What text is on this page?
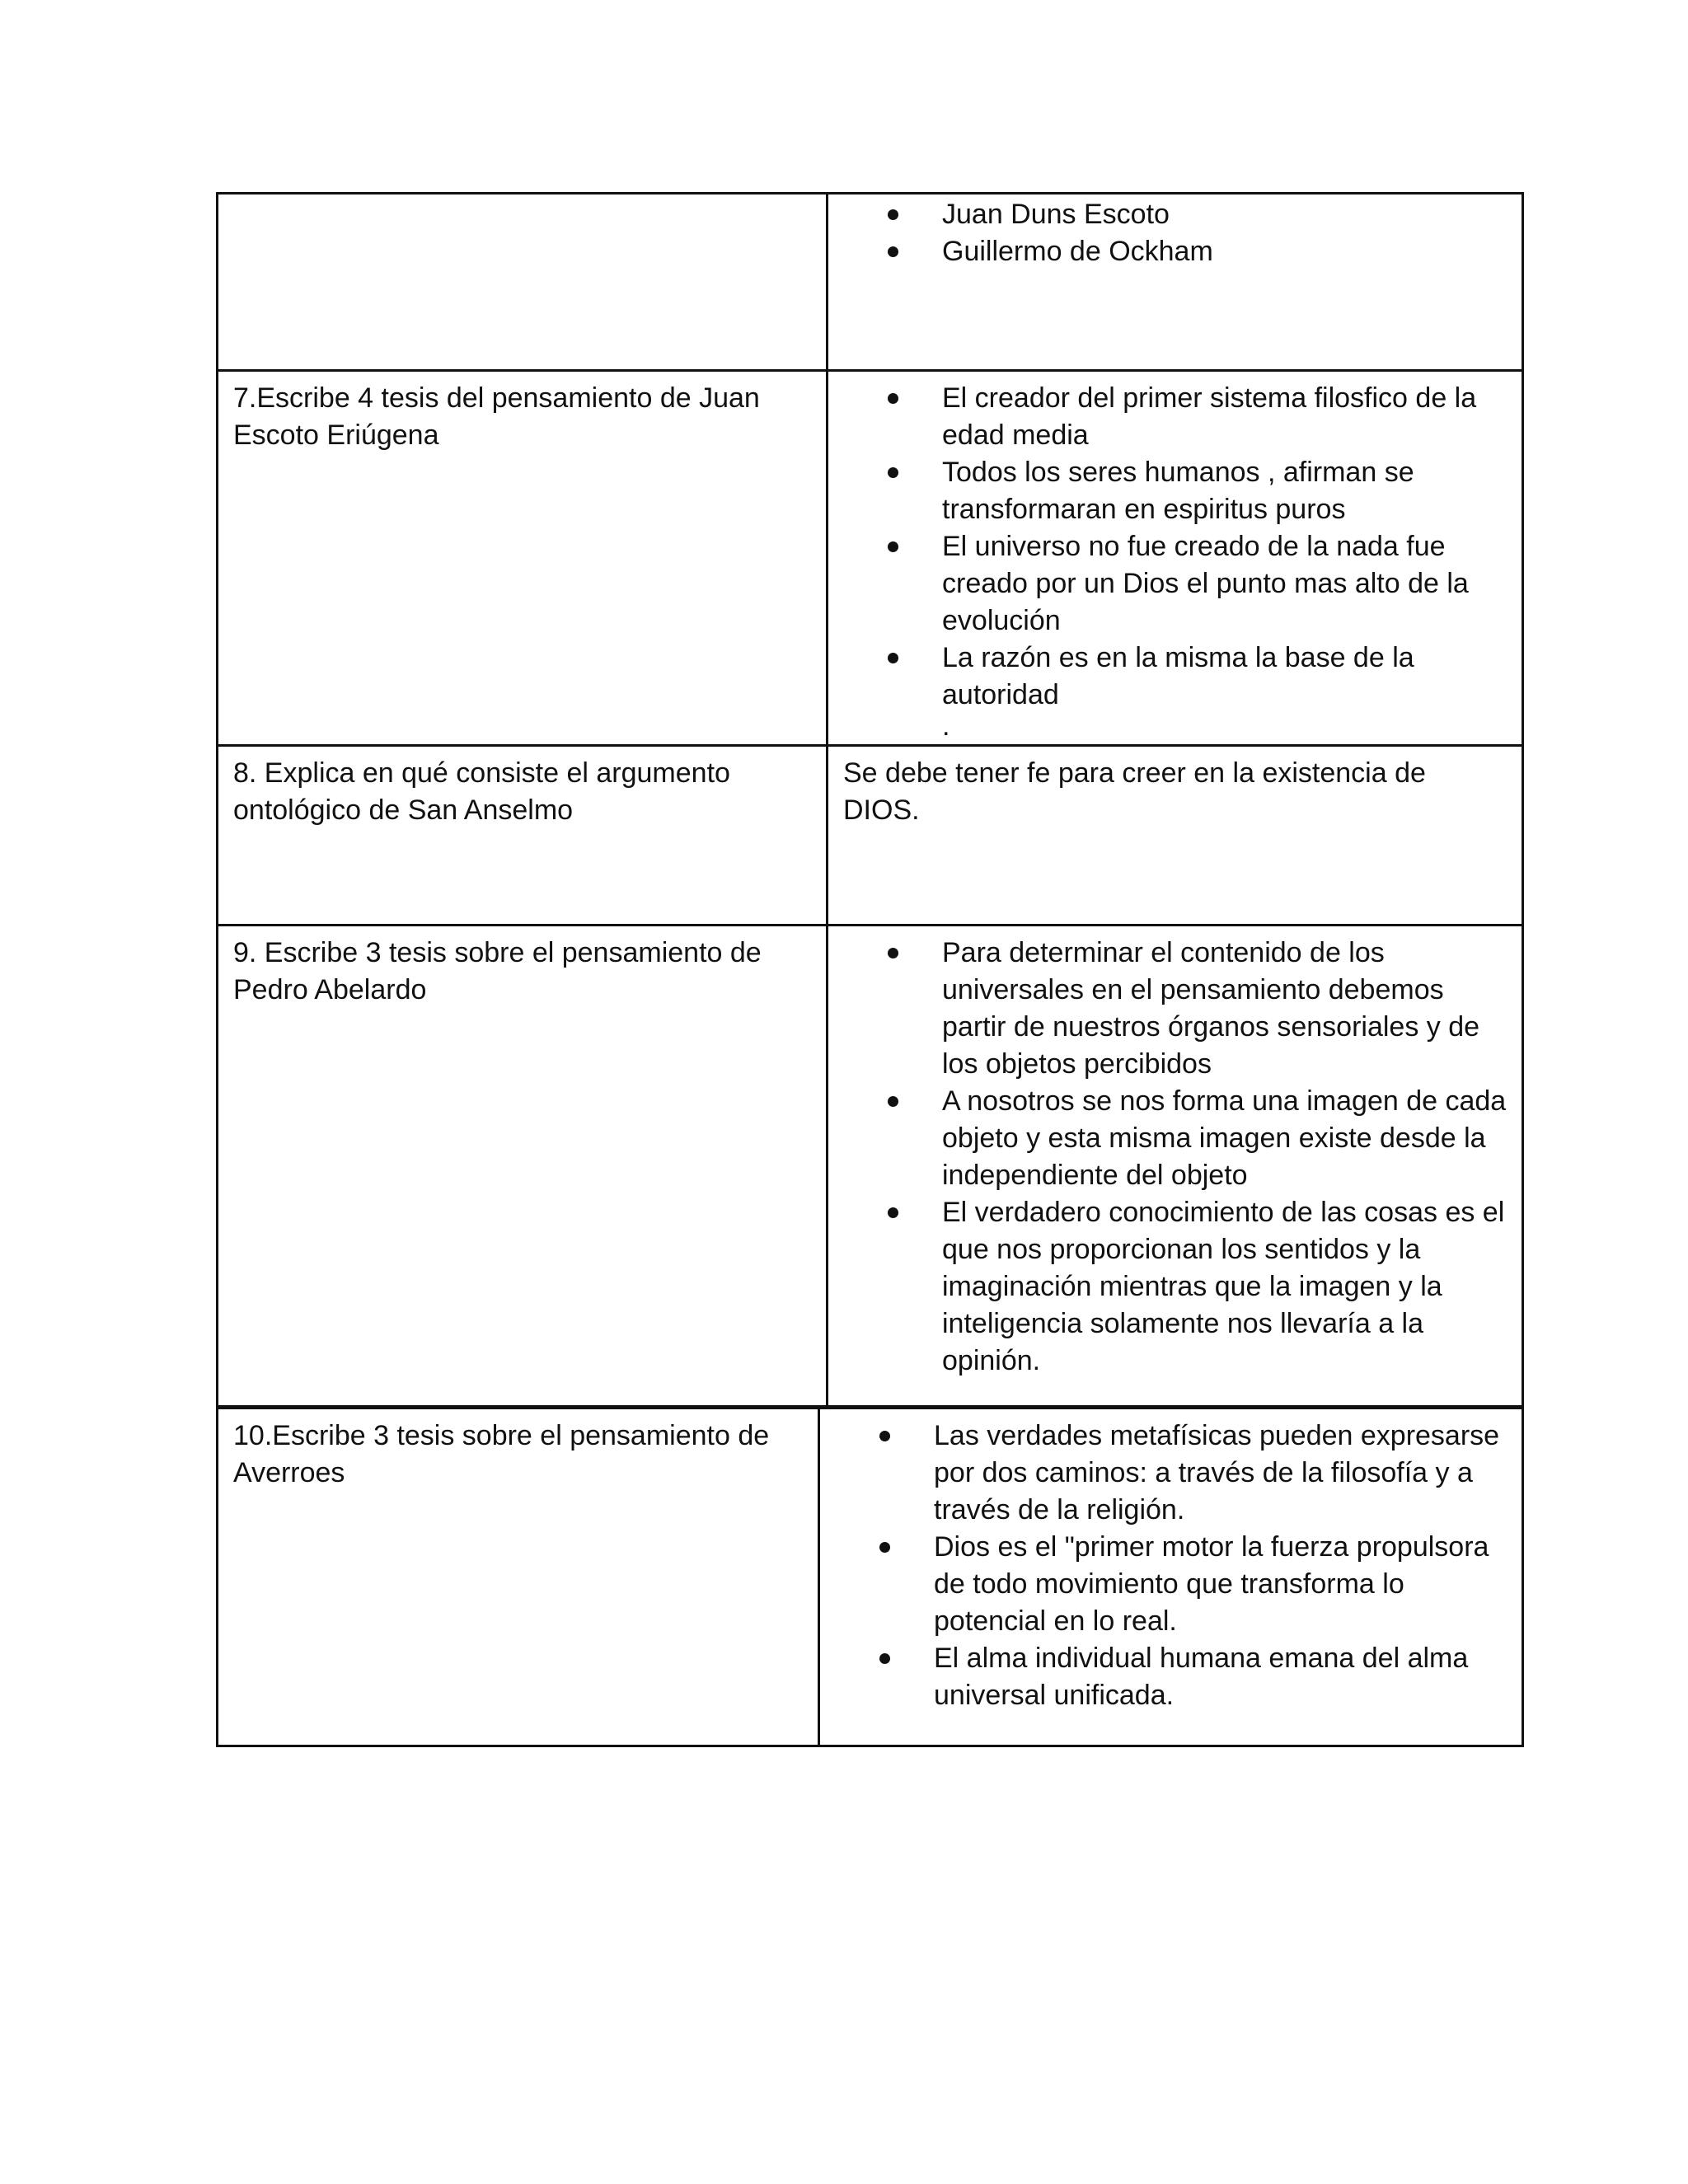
Juan Duns Escoto
Guillermo de Ockham
7.Escribe 4 tesis del pensamiento de Juan Escoto Eriúgena
El creador del primer sistema filosfico de la edad media
Todos los seres humanos , afirman se transformaran en espiritus puros
El universo no fue creado de la nada fue creado por un Dios el punto mas alto de la evolución
La razón es en la misma la base de la autoridad
.
8. Explica en qué consiste el argumento ontológico de San Anselmo
Se debe tener fe para creer en la existencia de DIOS.
9. Escribe 3 tesis sobre el pensamiento de Pedro Abelardo
Para determinar el contenido de los universales en el pensamiento debemos partir de nuestros órganos sensoriales y de los objetos percibidos
A nosotros se nos forma una imagen de cada objeto y esta misma imagen existe desde la independiente del objeto
El verdadero conocimiento de las cosas es el que nos proporcionan los sentidos y la imaginación mientras que la imagen y la inteligencia solamente nos llevaría a la opinión.
10.Escribe 3 tesis sobre el pensamiento de Averroes
Las verdades metafísicas pueden expresarse por dos caminos: a través de la filosofía y a través de la religión.
Dios es el "primer motor la fuerza propulsora de todo movimiento que transforma lo potencial en lo real.
El alma individual humana emana del alma universal unificada.
